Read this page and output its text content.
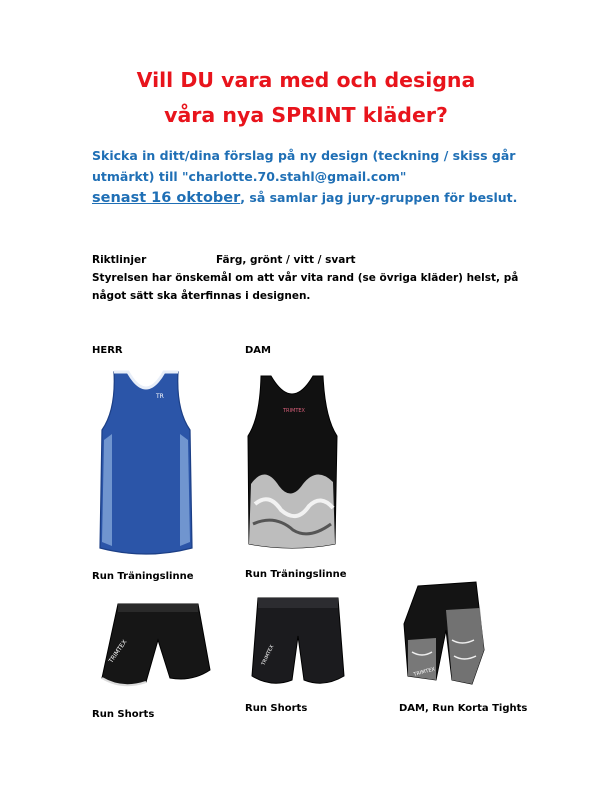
Vill DU vara med och designa
våra nya SPRINT kläder?
Skicka in ditt/dina förslag på ny design (teckning / skiss går
utmärkt) till "charlotte.70.stahl@gmail.com"
senast 16 oktober, så samlar jag jury-gruppen för beslut.
Riktlinjer	Färg, grönt / vitt / svart
Styrelsen har önskemål om att vår vita rand (se övriga kläder) helst, på
något sätt ska återfinnas i designen.
HERR	DAM
TR
Run Träningslinne
TRIMTEX
Run Träningslinne
TRIMTEX
Run Shorts
TRIMTEX
Run Shorts
TRIMTEX
DAM, Run Korta Tights
